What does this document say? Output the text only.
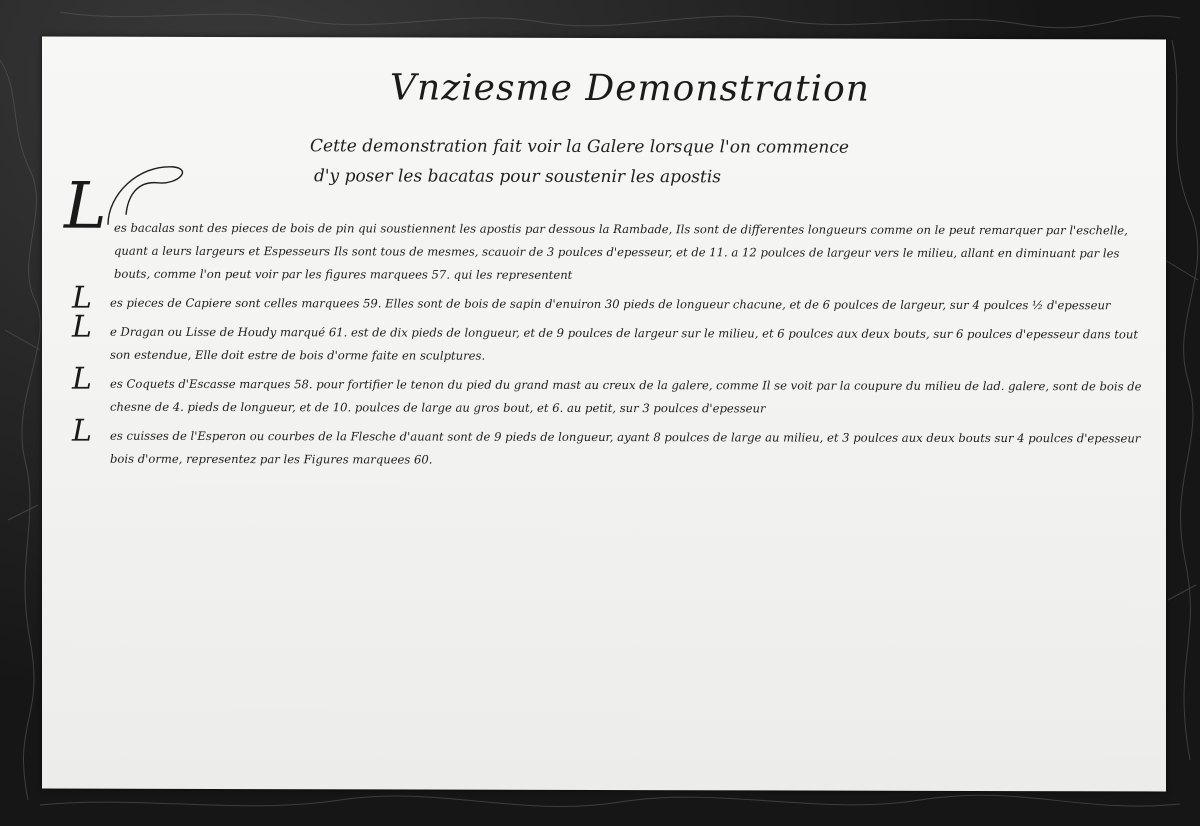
Vnziesme Demonstration
Cette demonstration fait voir la Galere lorsque l'on commence
d'y poser les bacatas pour soustenir les apostis
L es bacalas sont des pieces de bois de pin qui soustiennent les apostis par dessous la Rambade, Ils sont de differentes longueurs comme on le peut remarquer par l'eschelle, quant a leurs largeurs et Espesseurs Ils sont tous de mesmes, scauoir de 3 poulces d'epesseur, et de 11. a 12 poulces de largeur vers le milieu, allant en diminuant par les bouts, comme l'on peut voir par les figures marquees 57. qui les representent
L es pieces de Capiere sont celles marquees 59. Elles sont de bois de sapin d'enuiron 30 pieds de longueur chacune, et de 6 poulces de largeur, sur 4 poulces ½ d'epesseur
L e Dragan ou Lisse de Houdy marqué 61. est de dix pieds de longueur, et de 9 poulces de largeur sur le milieu, et 6 poulces aux deux bouts, sur 6 poulces d'epesseur dans tout son estendue, Elle doit estre de bois d'orme faite en sculptures.
L es Coquets d'Escasse marques 58. pour fortifier le tenon du pied du grand mast au creux de la galere, comme Il se voit par la coupure du milieu de lad. galere, sont de bois de chesne de 4. pieds de longueur, et de 10. poulces de large au gros bout, et 6. au petit, sur 3 poulces d'epesseur
L es cuisses de l'Esperon ou courbes de la Flesche d'auant sont de 9 pieds de longueur, ayant 8 poulces de large au milieu, et 3 poulces aux deux bouts sur 4 poulces d'epesseur bois d'orme, representez par les Figures marquees 60.
